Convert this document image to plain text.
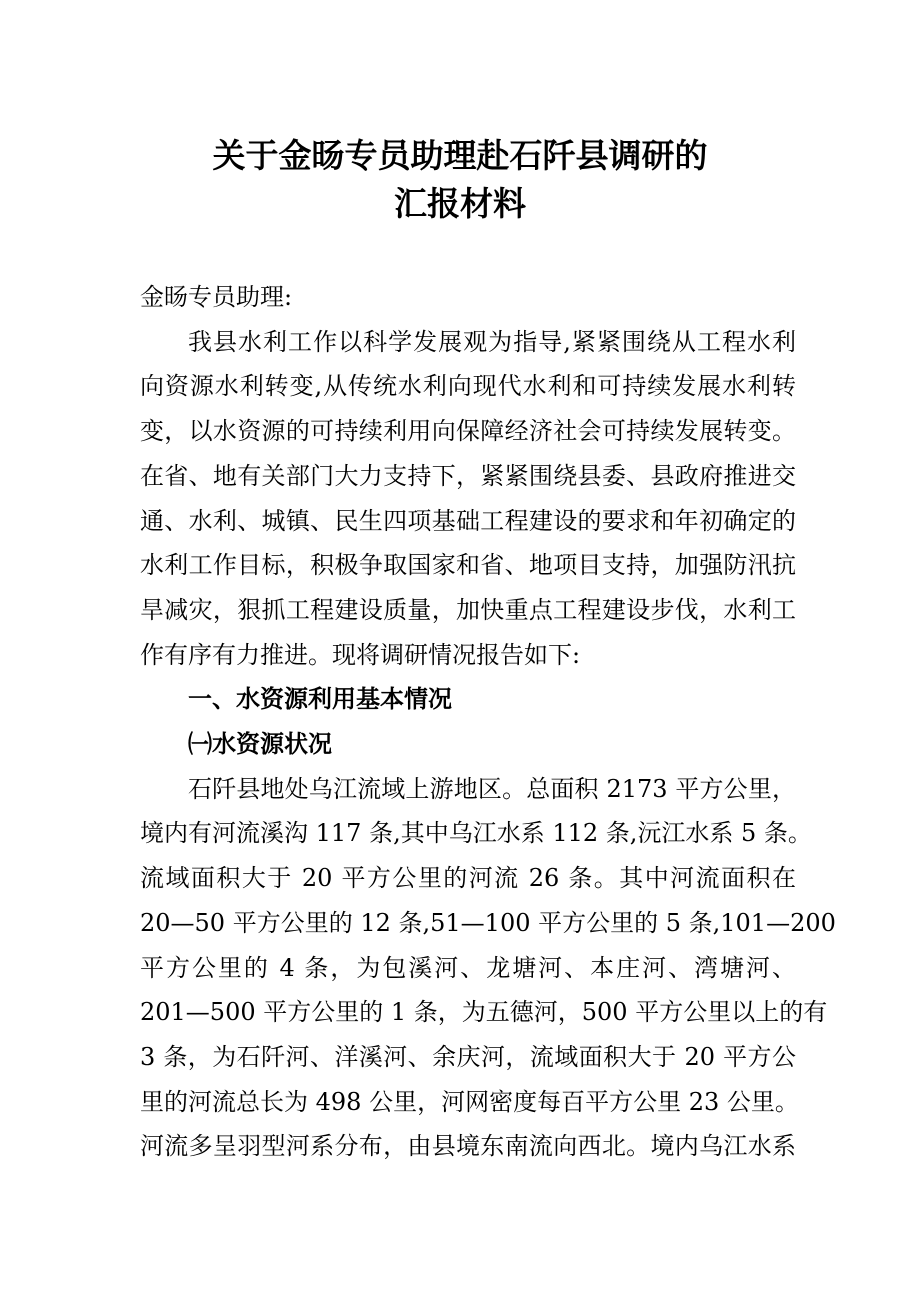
关于金旸专员助理赴石阡县调研的
汇报材料
金旸专员助理:
我县水利工作以科学发展观为指导,紧紧围绕从工程水利
向资源水利转变,从传统水利向现代水利和可持续发展水利转
变，以水资源的可持续利用向保障经济社会可持续发展转变。
在省、地有关部门大力支持下，紧紧围绕县委、县政府推进交
通、水利、城镇、民生四项基础工程建设的要求和年初确定的
水利工作目标，积极争取国家和省、地项目支持，加强防汛抗
旱减灾，狠抓工程建设质量，加快重点工程建设步伐，水利工
作有序有力推进。现将调研情况报告如下:
一、水资源利用基本情况
㈠水资源状况
石阡县地处乌江流域上游地区。总面积 2173 平方公里，
境内有河流溪沟 117 条,其中乌江水系 112 条,沅江水系 5 条。
流域面积大于 20 平方公里的河流 26 条。其中河流面积在
20—50 平方公里的 12 条,51—100 平方公里的 5 条,101—200
平方公里的 4 条，为包溪河、龙塘河、本庄河、湾塘河、
201—500 平方公里的 1 条，为五德河，500 平方公里以上的有
3 条，为石阡河、洋溪河、余庆河，流域面积大于 20 平方公
里的河流总长为 498 公里，河网密度每百平方公里 23 公里。
河流多呈羽型河系分布，由县境东南流向西北。境内乌江水系
